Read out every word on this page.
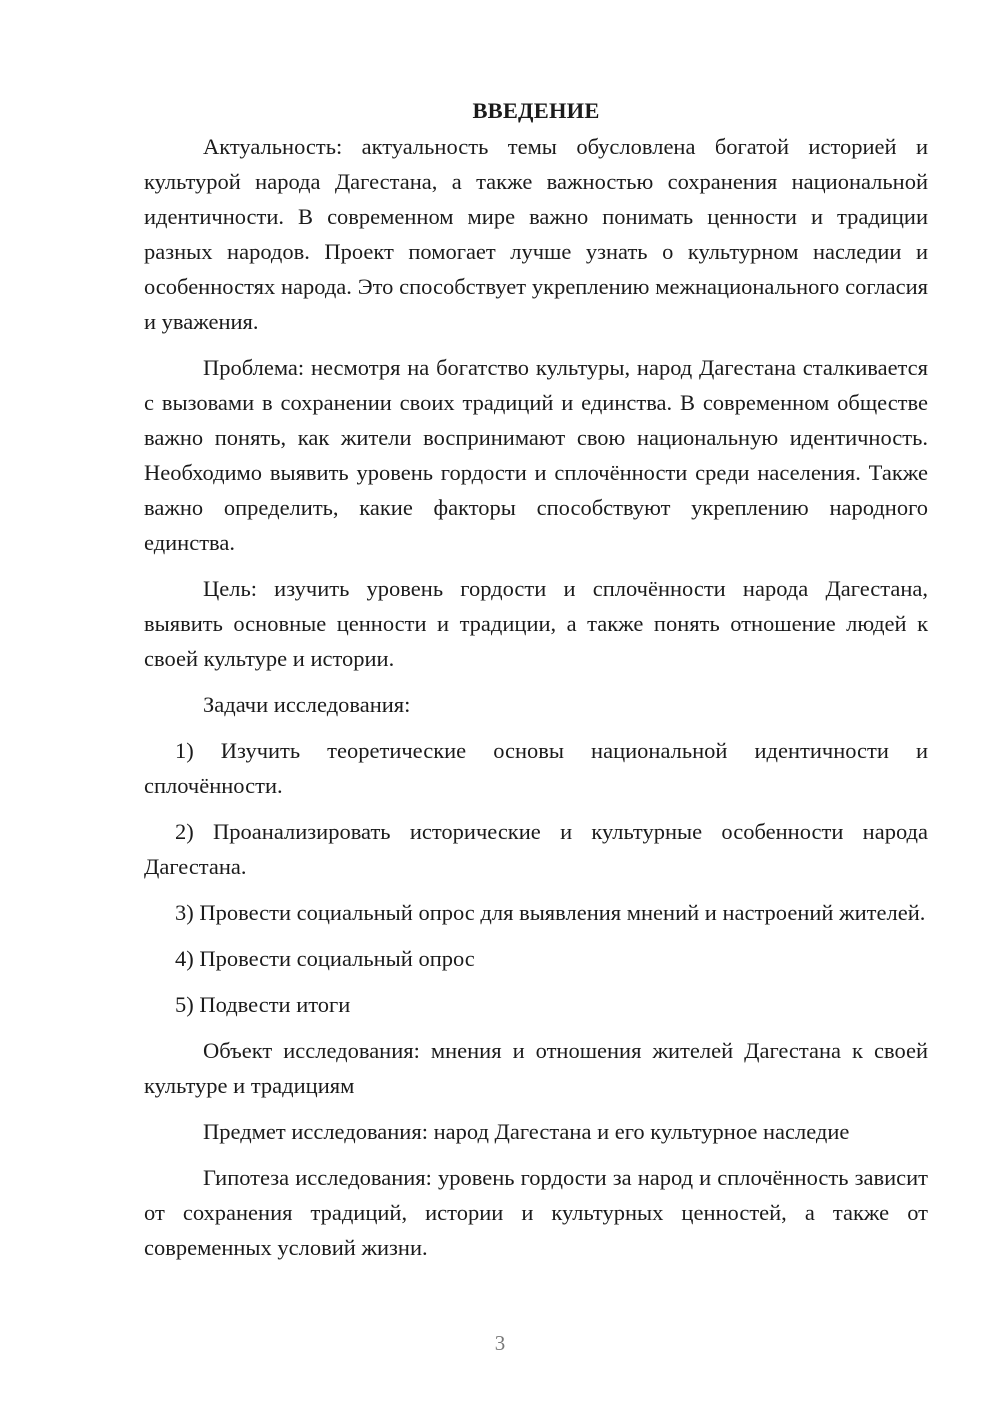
ВВЕДЕНИЕ

Актуальность: актуальность темы обусловлена богатой историей и культурой народа Дагестана, а также важностью сохранения национальной идентичности. В современном мире важно понимать ценности и традиции разных народов. Проект помогает лучше узнать о культурном наследии и особенностях народа. Это способствует укреплению межнационального согласия и уважения.

Проблема: несмотря на богатство культуры, народ Дагестана сталкивается с вызовами в сохранении своих традиций и единства. В современном обществе важно понять, как жители воспринимают свою национальную идентичность. Необходимо выявить уровень гордости и сплочённости среди населения. Также важно определить, какие факторы способствуют укреплению народного единства.

Цель: изучить уровень гордости и сплочённости народа Дагестана, выявить основные ценности и традиции, а также понять отношение людей к своей культуре и истории.

Задачи исследования:

1) Изучить теоретические основы национальной идентичности и сплочённости.

2) Проанализировать исторические и культурные особенности народа Дагестана.

3) Провести социальный опрос для выявления мнений и настроений жителей.

4) Провести социальный опрос

5) Подвести итоги

Объект исследования: мнения и отношения жителей Дагестана к своей культуре и традициям

Предмет исследования: народ Дагестана и его культурное наследие

Гипотеза исследования: уровень гордости за народ и сплочённость зависит от сохранения традиций, истории и культурных ценностей, а также от современных условий жизни.

3
